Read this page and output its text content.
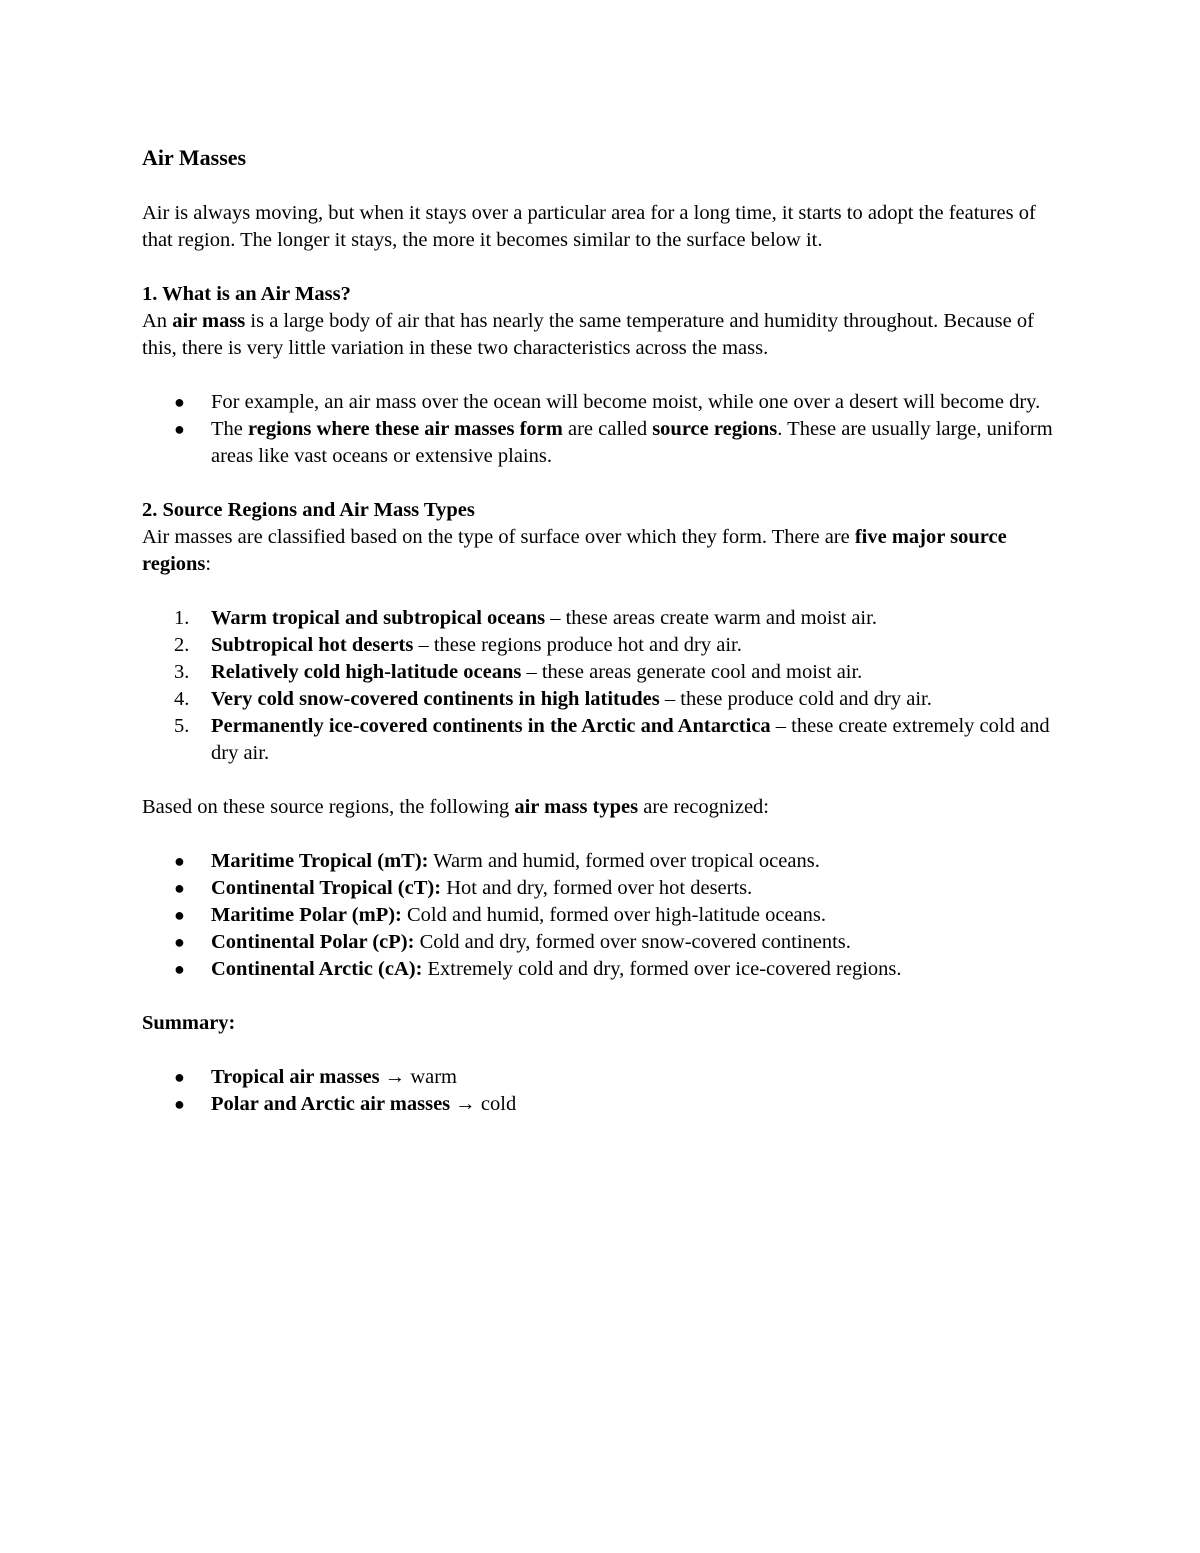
Air Masses

Air is always moving, but when it stays over a particular area for a long time, it starts to adopt the features of that region. The longer it stays, the more it becomes similar to the surface below it.

1. What is an Air Mass?

An air mass is a large body of air that has nearly the same temperature and humidity throughout. Because of this, there is very little variation in these two characteristics across the mass.

● For example, an air mass over the ocean will become moist, while one over a desert will become dry.
● The regions where these air masses form are called source regions. These are usually large, uniform areas like vast oceans or extensive plains.

2. Source Regions and Air Mass Types

Air masses are classified based on the type of surface over which they form. There are five major source regions:

1. Warm tropical and subtropical oceans – these areas create warm and moist air.
2. Subtropical hot deserts – these regions produce hot and dry air.
3. Relatively cold high-latitude oceans – these areas generate cool and moist air.
4. Very cold snow-covered continents in high latitudes – these produce cold and dry air.
5. Permanently ice-covered continents in the Arctic and Antarctica – these create extremely cold and dry air.

Based on these source regions, the following air mass types are recognized:

● Maritime Tropical (mT): Warm and humid, formed over tropical oceans.
● Continental Tropical (cT): Hot and dry, formed over hot deserts.
● Maritime Polar (mP): Cold and humid, formed over high-latitude oceans.
● Continental Polar (cP): Cold and dry, formed over snow-covered continents.
● Continental Arctic (cA): Extremely cold and dry, formed over ice-covered regions.

Summary:

● Tropical air masses → warm
● Polar and Arctic air masses → cold
